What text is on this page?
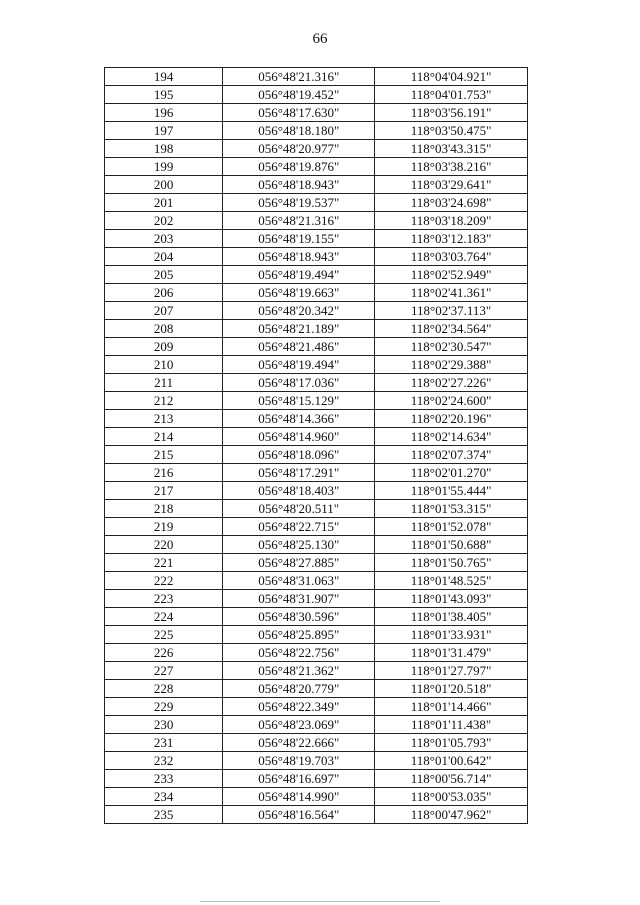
66
194	056°48'21.316"	118°04'04.921"
195	056°48'19.452"	118°04'01.753"
196	056°48'17.630"	118°03'56.191"
197	056°48'18.180"	118°03'50.475"
198	056°48'20.977"	118°03'43.315"
199	056°48'19.876"	118°03'38.216"
200	056°48'18.943"	118°03'29.641"
201	056°48'19.537"	118°03'24.698"
202	056°48'21.316"	118°03'18.209"
203	056°48'19.155"	118°03'12.183"
204	056°48'18.943"	118°03'03.764"
205	056°48'19.494"	118°02'52.949"
206	056°48'19.663"	118°02'41.361"
207	056°48'20.342"	118°02'37.113"
208	056°48'21.189"	118°02'34.564"
209	056°48'21.486"	118°02'30.547"
210	056°48'19.494"	118°02'29.388"
211	056°48'17.036"	118°02'27.226"
212	056°48'15.129"	118°02'24.600"
213	056°48'14.366"	118°02'20.196"
214	056°48'14.960"	118°02'14.634"
215	056°48'18.096"	118°02'07.374"
216	056°48'17.291"	118°02'01.270"
217	056°48'18.403"	118°01'55.444"
218	056°48'20.511"	118°01'53.315"
219	056°48'22.715"	118°01'52.078"
220	056°48'25.130"	118°01'50.688"
221	056°48'27.885"	118°01'50.765"
222	056°48'31.063"	118°01'48.525"
223	056°48'31.907"	118°01'43.093"
224	056°48'30.596"	118°01'38.405"
225	056°48'25.895"	118°01'33.931"
226	056°48'22.756"	118°01'31.479"
227	056°48'21.362"	118°01'27.797"
228	056°48'20.779"	118°01'20.518"
229	056°48'22.349"	118°01'14.466"
230	056°48'23.069"	118°01'11.438"
231	056°48'22.666"	118°01'05.793"
232	056°48'19.703"	118°01'00.642"
233	056°48'16.697"	118°00'56.714"
234	056°48'14.990"	118°00'53.035"
235	056°48'16.564"	118°00'47.962"
